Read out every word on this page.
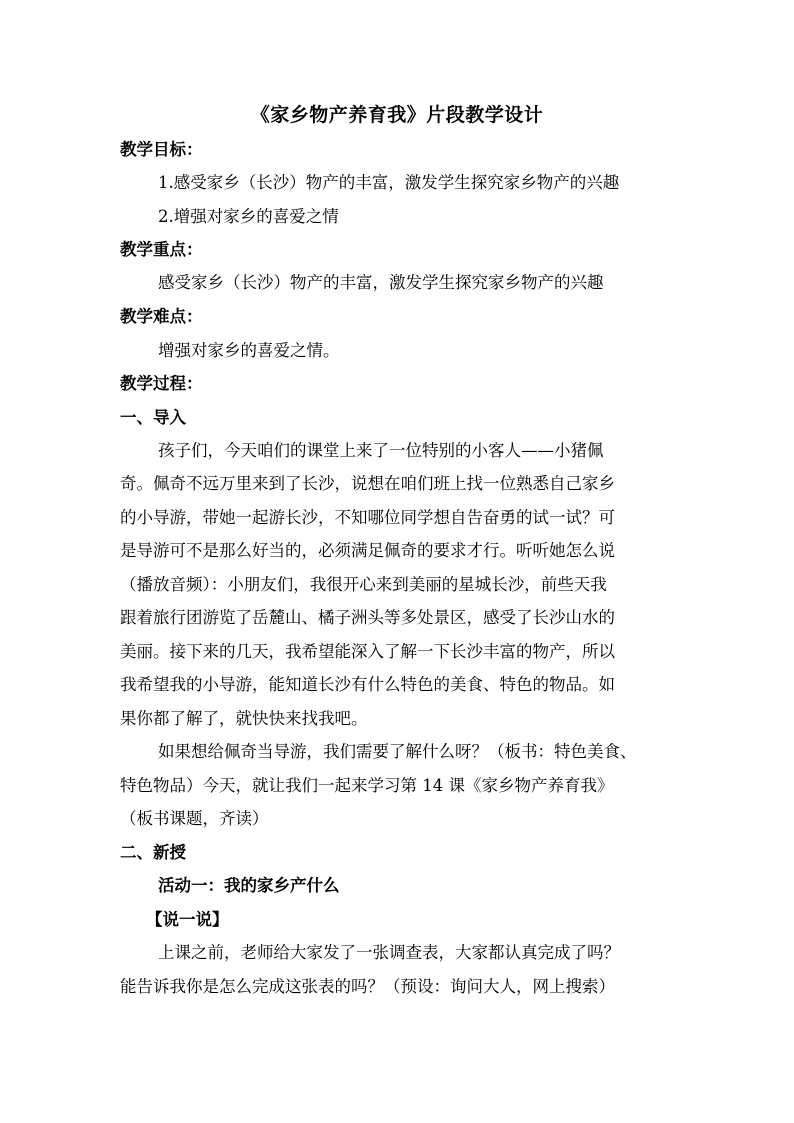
《家乡物产养育我》片段教学设计
教学目标：
1.感受家乡（长沙）物产的丰富，激发学生探究家乡物产的兴趣
2.增强对家乡的喜爱之情
教学重点：
感受家乡（长沙）物产的丰富，激发学生探究家乡物产的兴趣
教学难点：
增强对家乡的喜爱之情。
教学过程：
一、导入
孩子们，今天咱们的课堂上来了一位特别的小客人——小猪佩
奇。佩奇不远万里来到了长沙，说想在咱们班上找一位熟悉自己家乡
的小导游，带她一起游长沙，不知哪位同学想自告奋勇的试一试？可
是导游可不是那么好当的，必须满足佩奇的要求才行。听听她怎么说
（播放音频）：小朋友们，我很开心来到美丽的星城长沙，前些天我
跟着旅行团游览了岳麓山、橘子洲头等多处景区，感受了长沙山水的
美丽。接下来的几天，我希望能深入了解一下长沙丰富的物产，所以
我希望我的小导游，能知道长沙有什么特色的美食、特色的物品。如
果你都了解了，就快快来找我吧。
如果想给佩奇当导游，我们需要了解什么呀？（板书：特色美食、
特色物品）今天，就让我们一起来学习第 14 课《家乡物产养育我》
（板书课题，齐读）
二、新授
活动一：我的家乡产什么
【说一说】
上课之前，老师给大家发了一张调查表，大家都认真完成了吗？
能告诉我你是怎么完成这张表的吗？（预设：询问大人，网上搜索）
